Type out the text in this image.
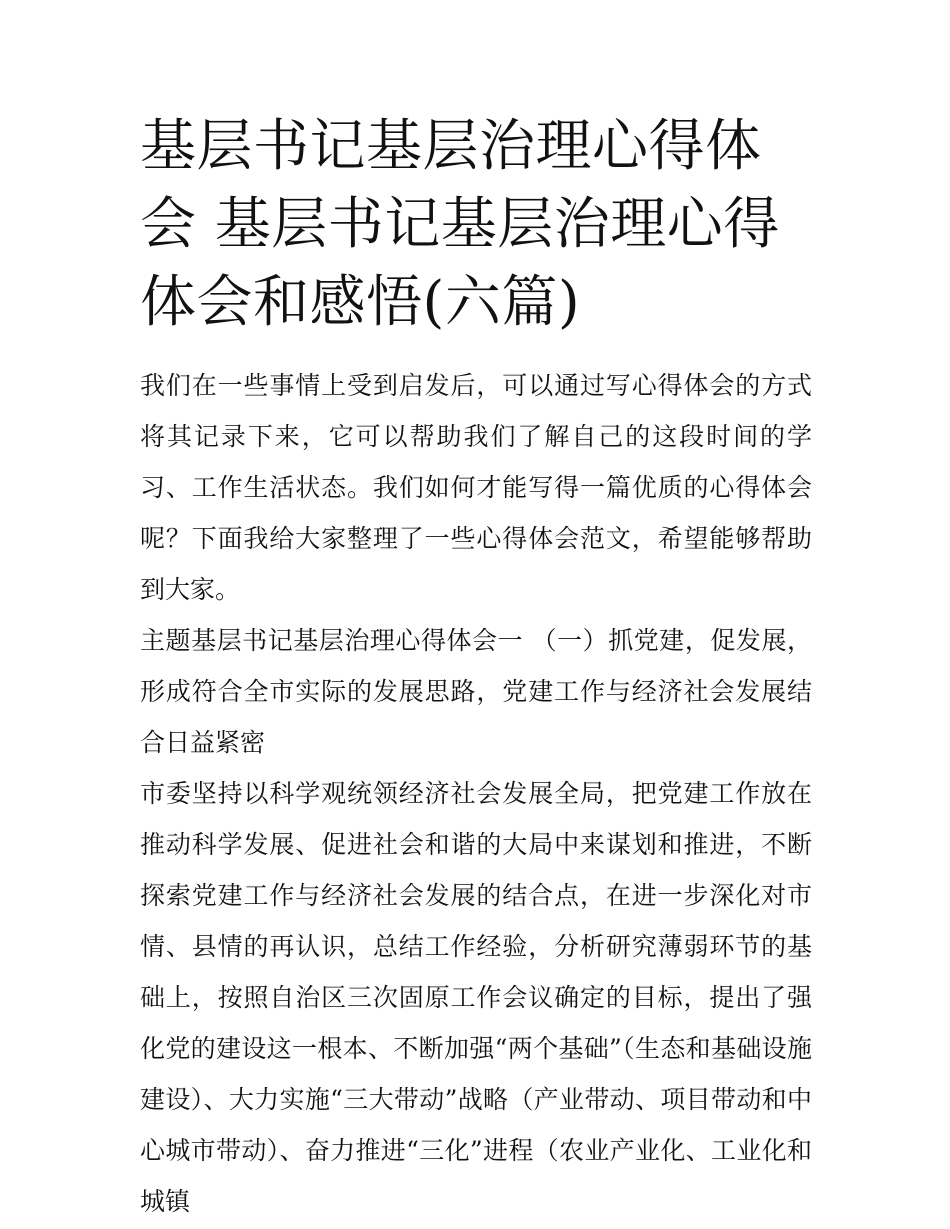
基层书记基层治理心得体会 基层书记基层治理心得体会和感悟(六篇)

我们在一些事情上受到启发后，可以通过写心得体会的方式将其记录下来，它可以帮助我们了解自己的这段时间的学习、工作生活状态。我们如何才能写得一篇优质的心得体会呢？下面我给大家整理了一些心得体会范文，希望能够帮助到大家。

主题基层书记基层治理心得体会一 （一）抓党建，促发展，形成符合全市实际的发展思路，党建工作与经济社会发展结合日益紧密

市委坚持以科学观统领经济社会发展全局，把党建工作放在推动科学发展、促进社会和谐的大局中来谋划和推进，不断探索党建工作与经济社会发展的结合点，在进一步深化对市情、县情的再认识，总结工作经验，分析研究薄弱环节的基础上，按照自治区三次固原工作会议确定的目标，提出了强化党的建设这一根本、不断加强“两个基础”（生态和基础设施建设）、大力实施“三大带动”战略（产业带动、项目带动和中心城市带动）、奋力推进“三化”进程（农业产业化、工业化和城镇
